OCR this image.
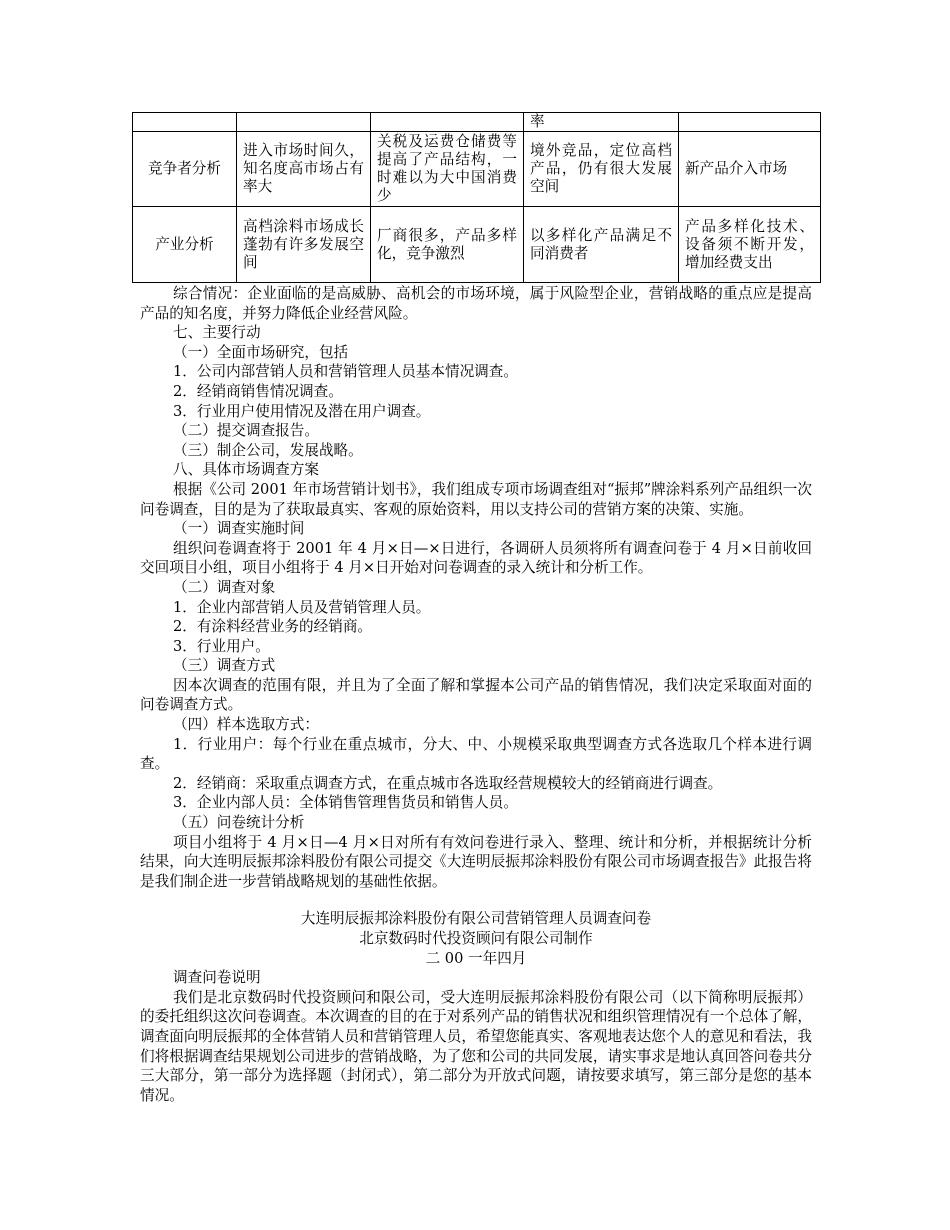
			率	
竞争者分析	进入市场时间久，知名度高市场占有率大	关税及运费仓储费等提高了产品结构，一时难以为大中国消费少	境外竞品，定位高档产品，仍有很大发展空间	新产品介入市场
产业分析	高档涂料市场成长蓬勃有许多发展空间	厂商很多，产品多样化，竞争激烈	以多样化产品满足不同消费者	产品多样化技术、设备须不断开发，增加经费支出

综合情况：企业面临的是高威胁、高机会的市场环境，属于风险型企业，营销战略的重点应是提高产品的知名度，并努力降低企业经营风险。

七、主要行动

（一）全面市场研究，包括

1．公司内部营销人员和营销管理人员基本情况调查。

2．经销商销售情况调查。

3．行业用户使用情况及潜在用户调查。

（二）提交调查报告。

（三）制企公司，发展战略。

八、具体市场调查方案

根据《公司 2001 年市场营销计划书》，我们组成专项市场调查组对“振邦”牌涂料系列产品组织一次问卷调查，目的是为了获取最真实、客观的原始资料，用以支持公司的营销方案的决策、实施。

（一）调查实施时间

组织问卷调查将于 2001 年 4 月×日—×日进行，各调研人员须将所有调查问卷于 4 月×日前收回交回项目小组，项目小组将于 4 月×日开始对问卷调查的录入统计和分析工作。

（二）调查对象

1．企业内部营销人员及营销管理人员。

2．有涂料经营业务的经销商。

3．行业用户。

（三）调查方式

因本次调查的范围有限，并且为了全面了解和掌握本公司产品的销售情况，我们决定采取面对面的问卷调查方式。

（四）样本选取方式：

1．行业用户：每个行业在重点城市，分大、中、小规模采取典型调查方式各选取几个样本进行调查。

2．经销商：采取重点调查方式，在重点城市各选取经营规模较大的经销商进行调查。

3．企业内部人员：全体销售管理售货员和销售人员。

（五）问卷统计分析

项目小组将于 4 月×日—4 月×日对所有有效问卷进行录入、整理、统计和分析，并根据统计分析结果，向大连明辰振邦涂料股份有限公司提交《大连明辰振邦涂料股份有限公司市场调查报告》此报告将是我们制企进一步营销战略规划的基础性依据。

大连明辰振邦涂料股份有限公司营销管理人员调查问卷

北京数码时代投资顾问有限公司制作

二 00 一年四月

调查问卷说明

我们是北京数码时代投资顾问和限公司，受大连明辰振邦涂料股份有限公司（以下简称明辰振邦）的委托组织这次问卷调查。本次调查的目的在于对系列产品的销售状况和组织管理情况有一个总体了解，调查面向明辰振邦的全体营销人员和营销管理人员，希望您能真实、客观地表达您个人的意见和看法，我们将根据调查结果规划公司进步的营销战略，为了您和公司的共同发展，请实事求是地认真回答问卷共分三大部分，第一部分为选择题（封闭式），第二部分为开放式问题，请按要求填写，第三部分是您的基本情况。
